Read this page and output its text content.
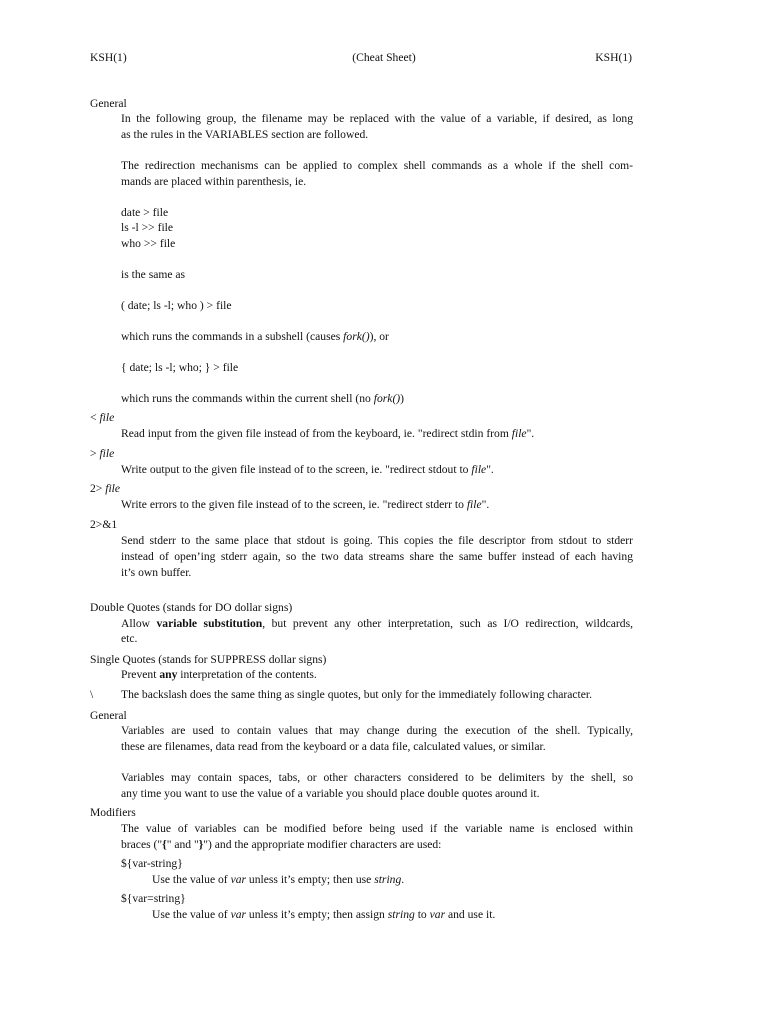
KSH(1)	(Cheat Sheet)	KSH(1)
General
In the following group, the filename may be replaced with the value of a variable, if desired, as long
as the rules in the VARIABLES section are followed.
The redirection mechanisms can be applied to complex shell commands as a whole if the shell com-
mands are placed within parenthesis, ie.
date > file
ls -l >> file
who >> file
is the same as
( date; ls -l; who ) > file
which runs the commands in a subshell (causes fork()), or
{ date; ls -l; who; } > file
which runs the commands within the current shell (no fork())
< file
Read input from the given file instead of from the keyboard, ie. "redirect stdin from file".
> file
Write output to the given file instead of to the screen, ie. "redirect stdout to file".
2> file
Write errors to the given file instead of to the screen, ie. "redirect stderr to file".
2>&1
Send stderr to the same place that stdout is going. This copies the file descriptor from stdout to stderr
instead of open’ing stderr again, so the two data streams share the same buffer instead of each having
it’s own buffer.
Double Quotes (stands for DO dollar signs)
Allow variable substitution, but prevent any other interpretation, such as I/O redirection, wildcards,
etc.
Single Quotes (stands for SUPPRESS dollar signs)
Prevent any interpretation of the contents.
\ The backslash does the same thing as single quotes, but only for the immediately following character.
General
Variables are used to contain values that may change during the execution of the shell. Typically,
these are filenames, data read from the keyboard or a data file, calculated values, or similar.
Variables may contain spaces, tabs, or other characters considered to be delimiters by the shell, so
any time you want to use the value of a variable you should place double quotes around it.
Modifiers
The value of variables can be modified before being used if the variable name is enclosed within
braces ("{" and "}") and the appropriate modifier characters are used:
${var-string}
Use the value of var unless it’s empty; then use string.
${var=string}
Use the value of var unless it’s empty; then assign string to var and use it.
